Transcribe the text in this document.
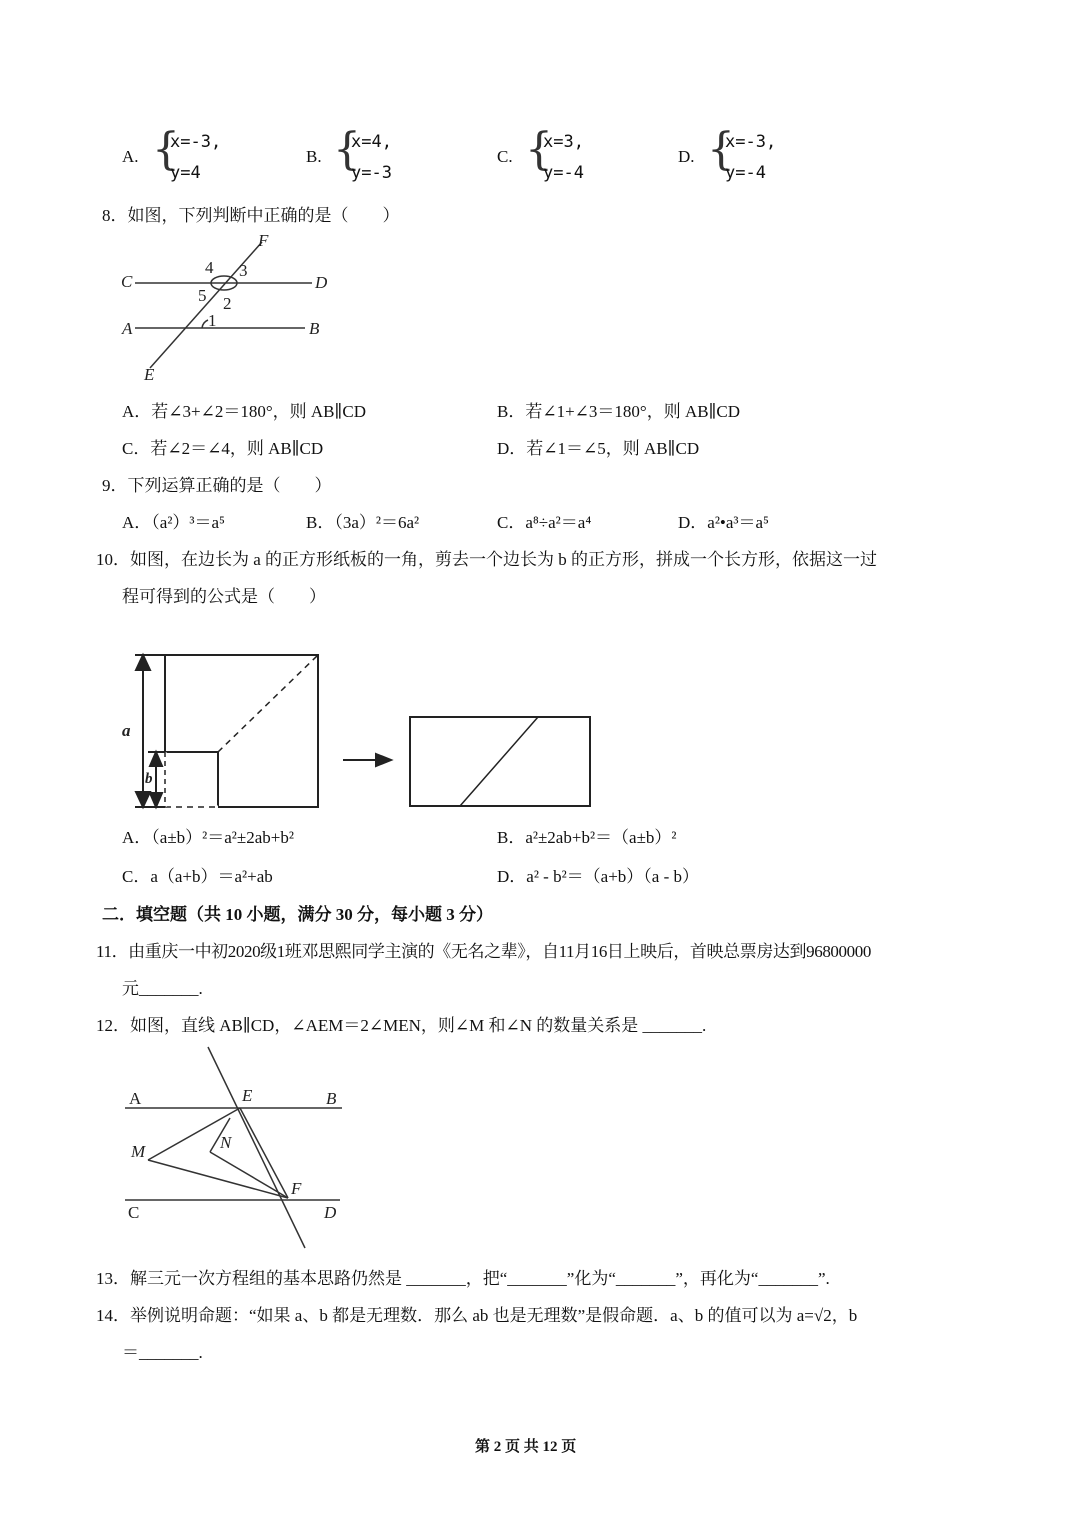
A. {
x=-3,
y=4
B. {
x=4,
y=-3
C. {
x=3,
y=-4
D. {
x=-3,
y=-4
8．如图，下列判断中正确的是（　　）
C	D
A	B
E
F
4 3
5 2
1
a
b
A	E	B
M	N
F
C	D
A．若∠3+∠2＝180°，则 AB∥CD	B．若∠1+∠3＝180°，则 AB∥CD
C．若∠2＝∠4，则 AB∥CD	D．若∠1＝∠5，则 AB∥CD
9．下列运算正确的是（　　）
A．（a²）³＝a⁵	B．（3a）²＝6a²	C．a⁸÷a²＝a⁴	D．a²•a³＝a⁵
10．如图，在边长为 a 的正方形纸板的一角，剪去一个边长为 b 的正方形，拼成一个长方形，依据这一过
程可得到的公式是（　　）
A．（a±b）²＝a²±2ab+b²	B．a²±2ab+b²＝（a±b）²
C．a（a+b）＝a²+ab	D．a² - b²＝（a+b）（a - b）
二．填空题（共 10 小题，满分 30 分，每小题 3 分）
11．由重庆一中初2020级1班邓思熙同学主演的《无名之辈》，自11月16日上映后，首映总票房达到96800000
元_______.
12．如图，直线 AB∥CD，∠AEM＝2∠MEN，则∠M 和∠N 的数量关系是 _______.
13．解三元一次方程组的基本思路仍然是 _______，把“_______”化为“_______”，再化为“_______”.
14．举例说明命题：“如果 a、b 都是无理数．那么 ab 也是无理数”是假命题．a、b 的值可以为 a=√2，b
＝_______.
第 2 页 共 12 页
